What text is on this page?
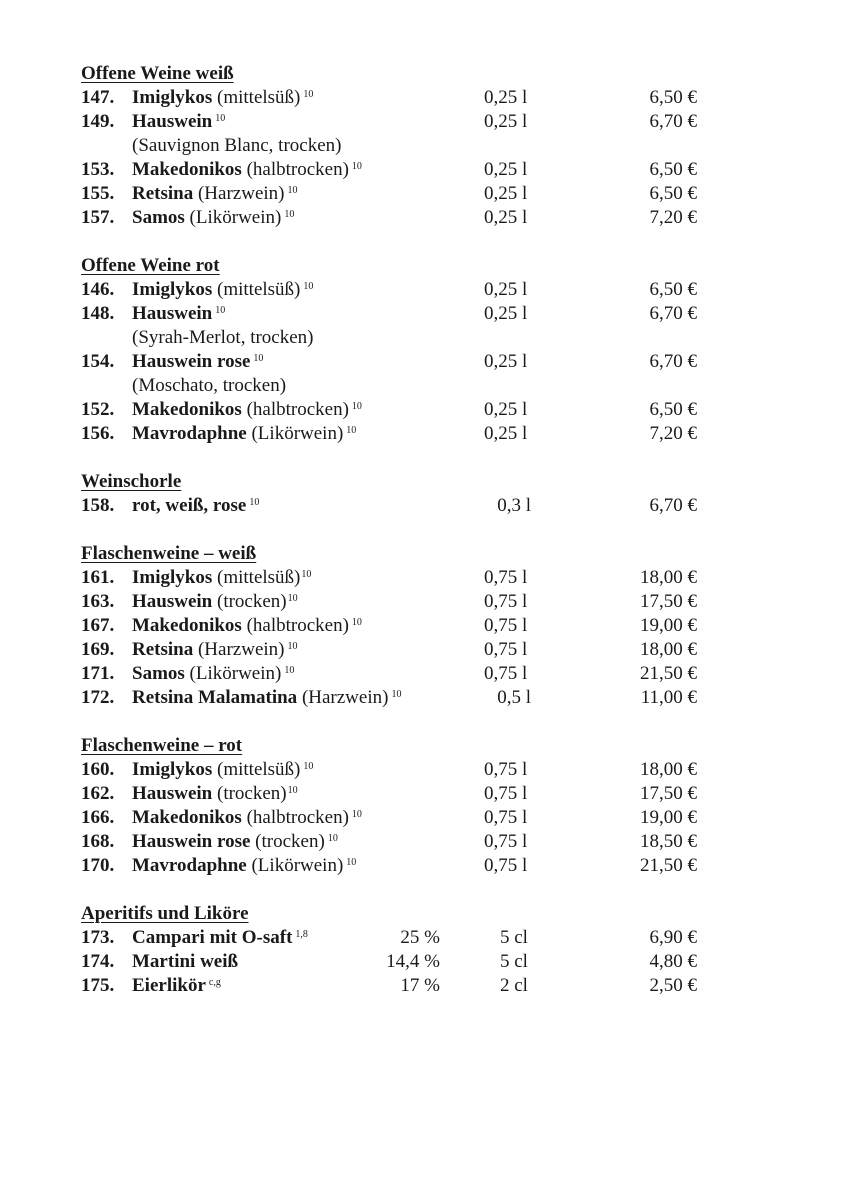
Offene Weine weiß
147. Imiglykos (mittelsüß) $^{10}$	0,25 l	6,50 €
149. Hauswein $^{10}$	0,25 l	6,70 €
(Sauvignon Blanc, trocken)
153. Makedonikos (halbtrocken) $^{10}$	0,25 l	6,50 €
155. Retsina (Harzwein) $^{10}$	0,25 l	6,50 €
157. Samos (Likörwein) $^{10}$	0,25 l	7,20 €
Offene Weine rot
146. Imiglykos (mittelsüß) $^{10}$	0,25 l	6,50 €
148. Hauswein $^{10}$	0,25 l	6,70 €
(Syrah-Merlot, trocken)
154. Hauswein rose $^{10}$	0,25 l	6,70 €
(Moschato, trocken)
152. Makedonikos (halbtrocken) $^{10}$	0,25 l	6,50 €
156. Mavrodaphne (Likörwein) $^{10}$	0,25 l	7,20 €
Weinschorle
158. rot, weiß, rose $^{10}$	0,3 l	6,70 €
Flaschenweine – weiß
161. Imiglykos (mittelsüß)$^{10}$	0,75 l	18,00 €
163. Hauswein (trocken)$^{10}$	0,75 l	17,50 €
167. Makedonikos (halbtrocken) $^{10}$	0,75 l	19,00 €
169. Retsina (Harzwein) $^{10}$	0,75 l	18,00 €
171. Samos (Likörwein) $^{10}$	0,75 l	21,50 €
172. Retsina Malamatina (Harzwein) $^{10}$	0,5 l	11,00 €
Flaschenweine – rot
160. Imiglykos (mittelsüß) $^{10}$	0,75 l	18,00 €
162. Hauswein (trocken)$^{10}$	0,75 l	17,50 €
166. Makedonikos (halbtrocken) $^{10}$	0,75 l	19,00 €
168. Hauswein rose (trocken) $^{10}$	0,75 l	18,50 €
170. Mavrodaphne (Likörwein) $^{10}$	0,75 l	21,50 €
Aperitifs und Liköre
173. Campari mit O-saft $^{1,8}$	25 %	5 cl	6,90 €
174. Martini weiß	14,4 %	5 cl	4,80 €
175. Eierlikör $^{c,g}$	17 %	2 cl	2,50 €
